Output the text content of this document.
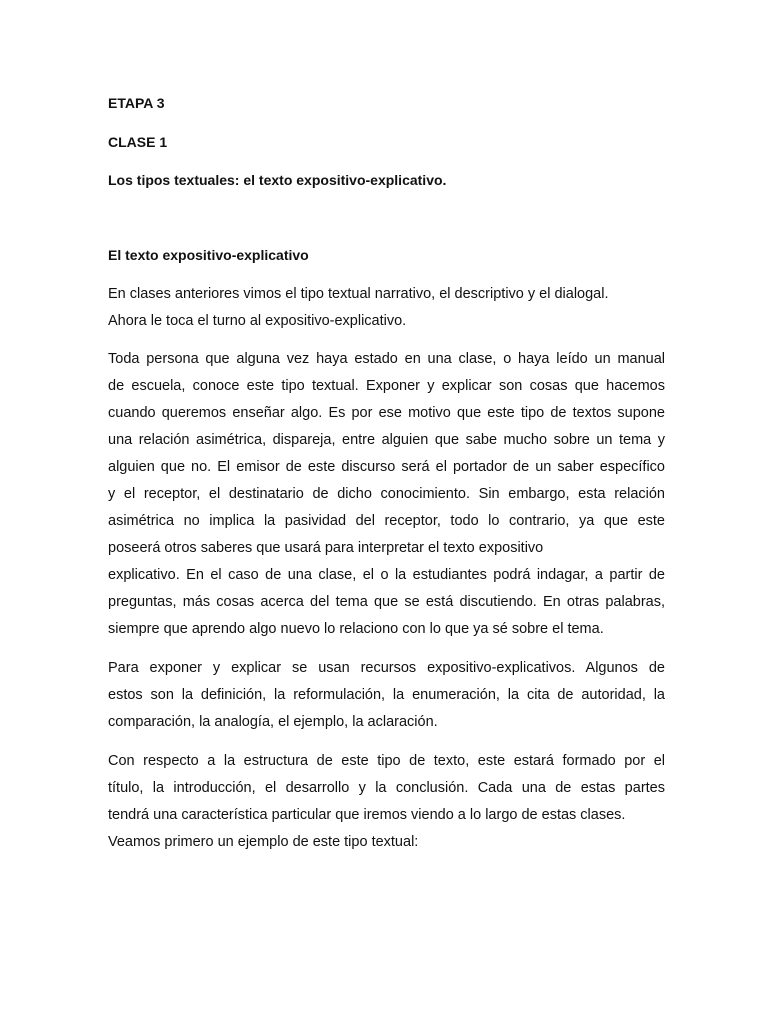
ETAPA 3
CLASE 1
Los tipos textuales: el texto expositivo-explicativo.
El texto expositivo-explicativo

En clases anteriores vimos el tipo textual narrativo, el descriptivo y el dialogal.
Ahora le toca el turno al expositivo-explicativo.

Toda persona que alguna vez haya estado en una clase, o haya leído un manual
de escuela, conoce este tipo textual. Exponer y explicar son cosas que hacemos
cuando queremos enseñar algo. Es por ese motivo que este tipo de textos supone
una relación asimétrica, dispareja, entre alguien que sabe mucho sobre un tema y
alguien que no. El emisor de este discurso será el portador de un saber específico
y el receptor, el destinatario de dicho conocimiento. Sin embargo, esta relación
asimétrica no implica la pasividad del receptor, todo lo contrario, ya que este
poseerá otros saberes que usará para interpretar el texto expositivo
explicativo. En el caso de una clase, el o la estudiantes podrá indagar, a partir de
preguntas, más cosas acerca del tema que se está discutiendo. En otras palabras,
siempre que aprendo algo nuevo lo relaciono con lo que ya sé sobre el tema.

Para exponer y explicar se usan recursos expositivo-explicativos. Algunos de
estos son la definición, la reformulación, la enumeración, la cita de autoridad, la
comparación, la analogía, el ejemplo, la aclaración.

Con respecto a la estructura de este tipo de texto, este estará formado por el
título, la introducción, el desarrollo y la conclusión. Cada una de estas partes
tendrá una característica particular que iremos viendo a lo largo de estas clases.
Veamos primero un ejemplo de este tipo textual:
